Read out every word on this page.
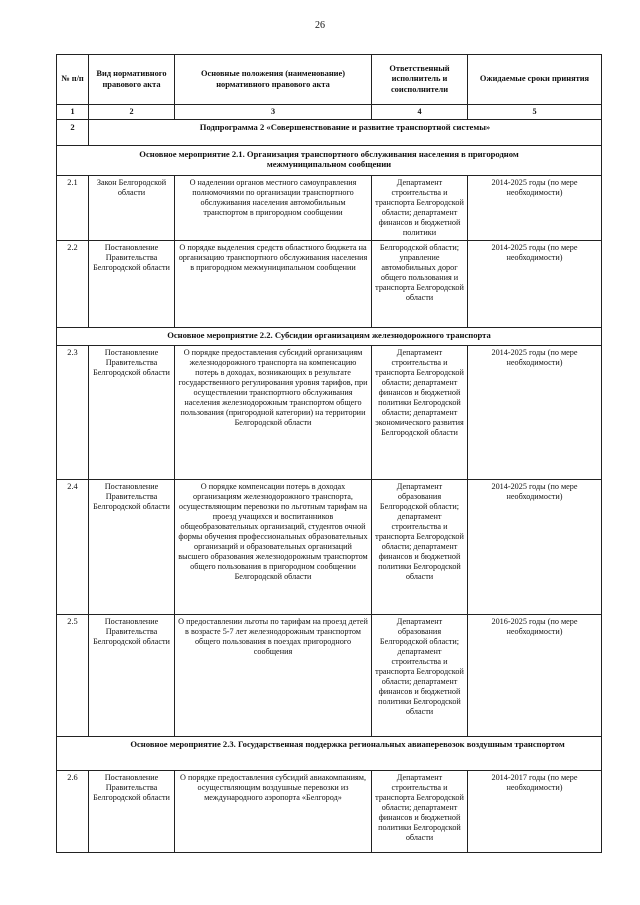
26
№ п/п	Вид нормативного правового акта	Основные положения (наименование) нормативного правового акта	Ответственный исполнитель и соисполнители	Ожидаемые сроки принятия
1	2	3	4	5
2	Подпрограмма 2 «Совершенствование и развитие транспортной системы»			
Основное мероприятие 2.1. Организация транспортного обслуживания населения в пригородном межмуниципальном сообщении				
2.1	Закон Белгородской области	О наделении органов местного самоуправления полномочиями по организации транспортного обслуживания населения автомобильным транспортом в пригородном сообщении	Департамент строительства и транспорта Белгородской области; департамент финансов и бюджетной политики	2014-2025 годы (по мере необходимости)
2.2	Постановление Правительства Белгородской области	О порядке выделения средств областного бюджета на организацию транспортного обслуживания населения в пригородном межмуниципальном сообщении	Белгородской области; управление автомобильных дорог общего пользования и транспорта Белгородской области	2014-2025 годы (по мере необходимости)
Основное мероприятие 2.2. Субсидии организациям железнодорожного транспорта				
2.3	Постановление Правительства Белгородской области	О порядке предоставления субсидий организациям железнодорожного транспорта на компенсацию потерь в доходах, возникающих в результате государственного регулирования уровня тарифов, при осуществлении транспортного обслуживания населения железнодорожным транспортом общего пользования (пригородной категории) на территории Белгородской области	Департамент строительства и транспорта Белгородской области; департамент финансов и бюджетной политики Белгородской области; департамент экономического развития Белгородской области	2014-2025 годы (по мере необходимости)
2.4	Постановление Правительства Белгородской области	О порядке компенсации потерь в доходах организациям железнодорожного транспорта, осуществляющим перевозки по льготным тарифам на проезд учащихся и воспитанников общеобразовательных организаций, студентов очной формы обучения профессиональных образовательных организаций и образовательных организаций высшего образования железнодорожным транспортом общего пользования в пригородном сообщении Белгородской области	Департамент образования Белгородской области; департамент строительства и транспорта Белгородской области; департамент финансов и бюджетной политики Белгородской области	2014-2025 годы (по мере необходимости)
2.5	Постановление Правительства Белгородской области	О предоставлении льготы по тарифам на проезд детей в возрасте 5-7 лет железнодорожным транспортом общего пользования в поездах пригородного сообщения	Департамент образования Белгородской области; департамент строительства и транспорта Белгородской области; департамент финансов и бюджетной политики Белгородской области	2016-2025 годы (по мере необходимости)
Основное мероприятие 2.3. Государственная поддержка региональных авиаперевозок воздушным транспортом				
2.6	Постановление Правительства Белгородской области	О порядке предоставления субсидий авиакомпаниям, осуществляющим воздушные перевозки из международного аэропорта «Белгород»	Департамент строительства и транспорта Белгородской области; департамент финансов и бюджетной политики Белгородской области	2014-2017 годы (по мере необходимости)
